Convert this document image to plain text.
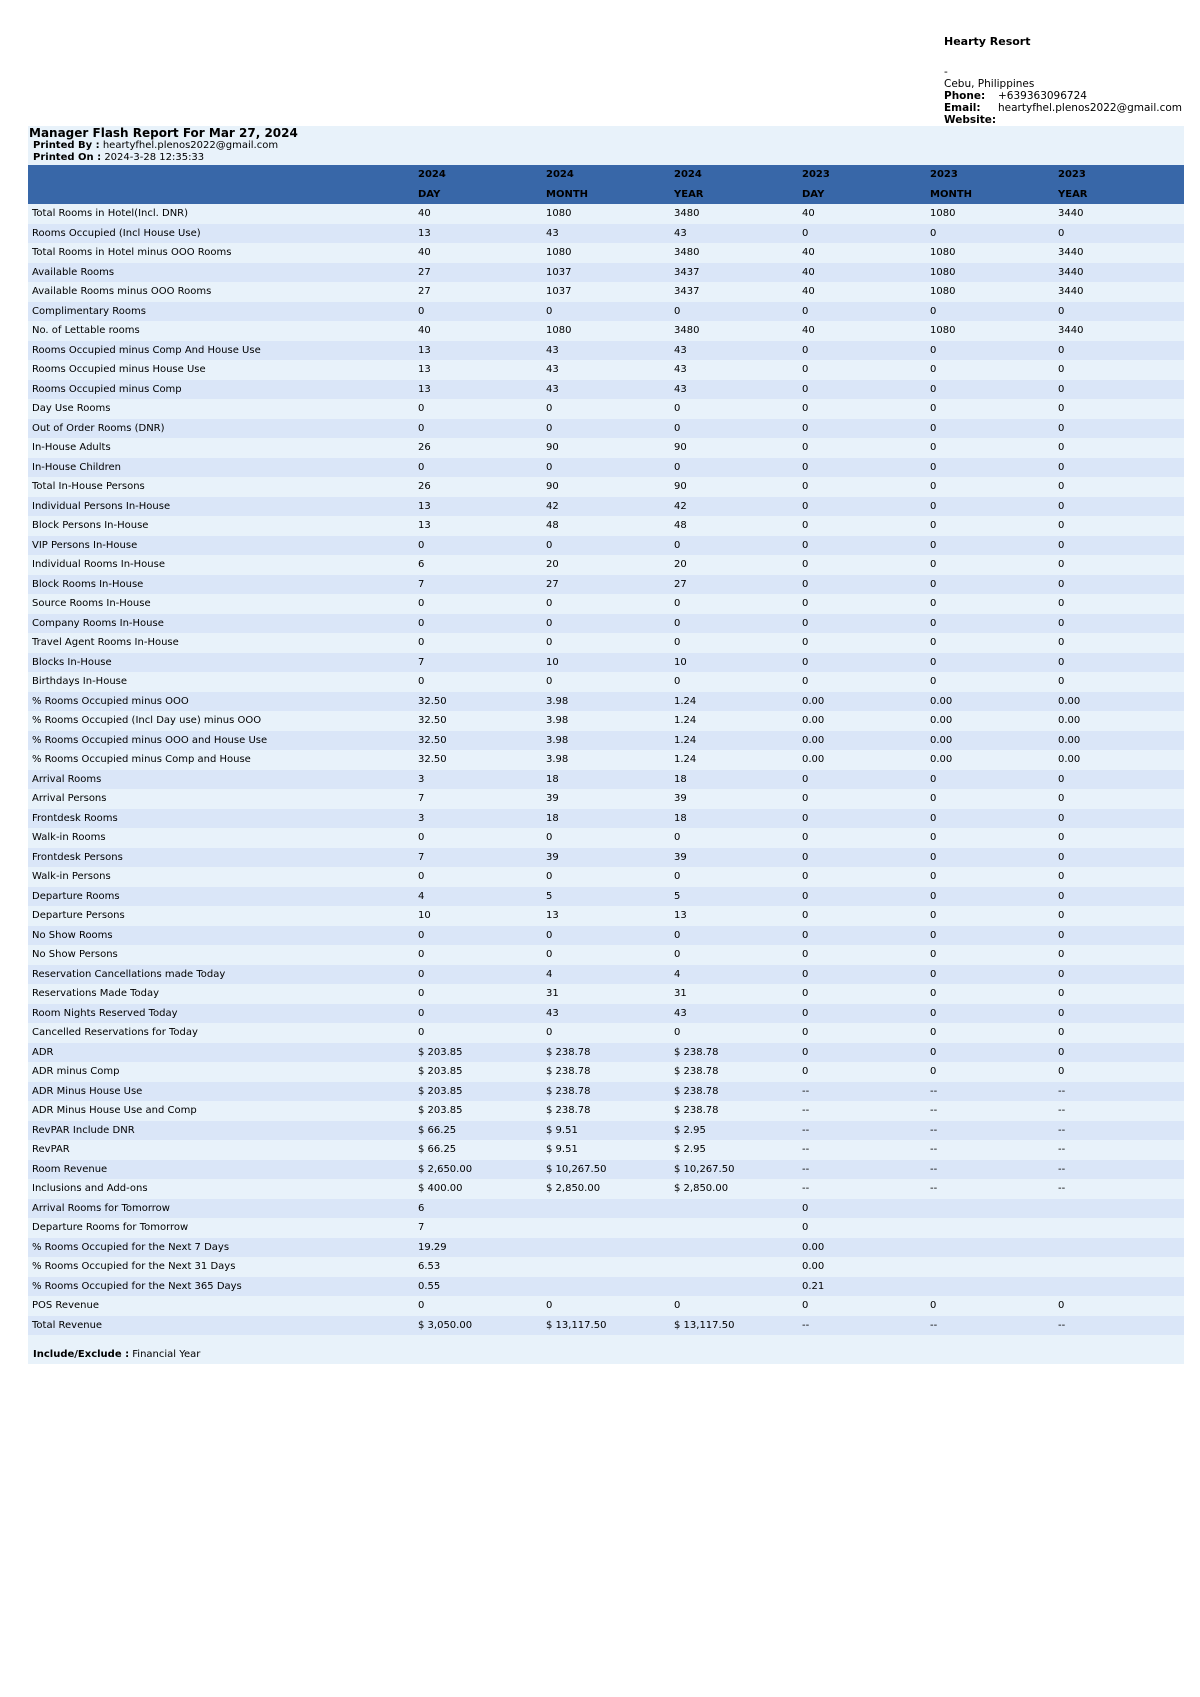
Hearty Resort
-
Cebu, Philippines
Phone:	+639363096724
Email:	heartyfhel.plenos2022@gmail.com
Website:
Manager Flash Report For Mar 27, 2024
Printed By : heartyfhel.plenos2022@gmail.com
Printed On : 2024-3-28 12:35:33
	2024	2024	2024	2023	2023	2023
	DAY	MONTH	YEAR	DAY	MONTH	YEAR
Total Rooms in Hotel(Incl. DNR)	40	1080	3480	40	1080	3440
Rooms Occupied (Incl House Use)	13	43	43	0	0	0
Total Rooms in Hotel minus OOO Rooms	40	1080	3480	40	1080	3440
Available Rooms	27	1037	3437	40	1080	3440
Available Rooms minus OOO Rooms	27	1037	3437	40	1080	3440
Complimentary Rooms	0	0	0	0	0	0
No. of Lettable rooms	40	1080	3480	40	1080	3440
Rooms Occupied minus Comp And House Use	13	43	43	0	0	0
Rooms Occupied minus House Use	13	43	43	0	0	0
Rooms Occupied minus Comp	13	43	43	0	0	0
Day Use Rooms	0	0	0	0	0	0
Out of Order Rooms (DNR)	0	0	0	0	0	0
In-House Adults	26	90	90	0	0	0
In-House Children	0	0	0	0	0	0
Total In-House Persons	26	90	90	0	0	0
Individual Persons In-House	13	42	42	0	0	0
Block Persons In-House	13	48	48	0	0	0
VIP Persons In-House	0	0	0	0	0	0
Individual Rooms In-House	6	20	20	0	0	0
Block Rooms In-House	7	27	27	0	0	0
Source Rooms In-House	0	0	0	0	0	0
Company Rooms In-House	0	0	0	0	0	0
Travel Agent Rooms In-House	0	0	0	0	0	0
Blocks In-House	7	10	10	0	0	0
Birthdays In-House	0	0	0	0	0	0
% Rooms Occupied minus OOO	32.50	3.98	1.24	0.00	0.00	0.00
% Rooms Occupied (Incl Day use) minus OOO	32.50	3.98	1.24	0.00	0.00	0.00
% Rooms Occupied minus OOO and House Use	32.50	3.98	1.24	0.00	0.00	0.00
% Rooms Occupied minus Comp and House	32.50	3.98	1.24	0.00	0.00	0.00
Arrival Rooms	3	18	18	0	0	0
Arrival Persons	7	39	39	0	0	0
Frontdesk Rooms	3	18	18	0	0	0
Walk-in Rooms	0	0	0	0	0	0
Frontdesk Persons	7	39	39	0	0	0
Walk-in Persons	0	0	0	0	0	0
Departure Rooms	4	5	5	0	0	0
Departure Persons	10	13	13	0	0	0
No Show Rooms	0	0	0	0	0	0
No Show Persons	0	0	0	0	0	0
Reservation Cancellations made Today	0	4	4	0	0	0
Reservations Made Today	0	31	31	0	0	0
Room Nights Reserved Today	0	43	43	0	0	0
Cancelled Reservations for Today	0	0	0	0	0	0
ADR	$ 203.85	$ 238.78	$ 238.78	0	0	0
ADR minus Comp	$ 203.85	$ 238.78	$ 238.78	0	0	0
ADR Minus House Use	$ 203.85	$ 238.78	$ 238.78	--	--	--
ADR Minus House Use and Comp	$ 203.85	$ 238.78	$ 238.78	--	--	--
RevPAR Include DNR	$ 66.25	$ 9.51	$ 2.95	--	--	--
RevPAR	$ 66.25	$ 9.51	$ 2.95	--	--	--
Room Revenue	$ 2,650.00	$ 10,267.50	$ 10,267.50	--	--	--
Inclusions and Add-ons	$ 400.00	$ 2,850.00	$ 2,850.00	--	--	--
Arrival Rooms for Tomorrow	6			0		
Departure Rooms for Tomorrow	7			0		
% Rooms Occupied for the Next 7 Days	19.29			0.00		
% Rooms Occupied for the Next 31 Days	6.53			0.00		
% Rooms Occupied for the Next 365 Days	0.55			0.21		
POS Revenue	0	0	0	0	0	0
Total Revenue	$ 3,050.00	$ 13,117.50	$ 13,117.50	--	--	--
Include/Exclude : Financial Year
